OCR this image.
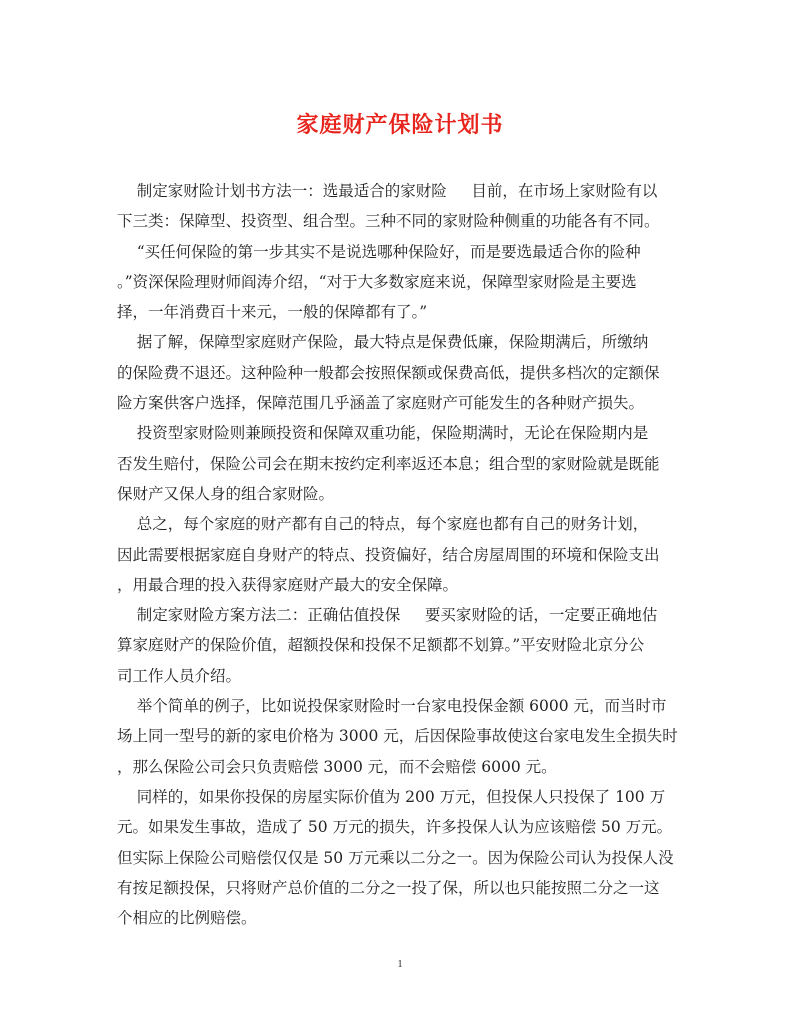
家庭财产保险计划书
制定家财险计划书方法一：选最适合的家财险     目前，在市场上家财险有以
下三类：保障型、投资型、组合型。三种不同的家财险种侧重的功能各有不同。
“买任何保险的第一步其实不是说选哪种保险好，而是要选最适合你的险种
。”资深保险理财师阎涛介绍，“对于大多数家庭来说，保障型家财险是主要选
择，一年消费百十来元，一般的保障都有了。”
据了解，保障型家庭财产保险，最大特点是保费低廉，保险期满后，所缴纳
的保险费不退还。这种险种一般都会按照保额或保费高低，提供多档次的定额保
险方案供客户选择，保障范围几乎涵盖了家庭财产可能发生的各种财产损失。
投资型家财险则兼顾投资和保障双重功能，保险期满时，无论在保险期内是
否发生赔付，保险公司会在期末按约定利率返还本息；组合型的家财险就是既能
保财产又保人身的组合家财险。
总之，每个家庭的财产都有自己的特点，每个家庭也都有自己的财务计划，
因此需要根据家庭自身财产的特点、投资偏好，结合房屋周围的环境和保险支出
，用最合理的投入获得家庭财产最大的安全保障。
制定家财险方案方法二：正确估值投保     要买家财险的话，一定要正确地估
算家庭财产的保险价值，超额投保和投保不足额都不划算。”平安财险北京分公
司工作人员介绍。
举个简单的例子，比如说投保家财险时一台家电投保金额 6000 元，而当时市
场上同一型号的新的家电价格为 3000 元，后因保险事故使这台家电发生全损失时
，那么保险公司会只负责赔偿 3000 元，而不会赔偿 6000 元。
同样的，如果你投保的房屋实际价值为 200 万元，但投保人只投保了 100 万
元。如果发生事故，造成了 50 万元的损失，许多投保人认为应该赔偿 50 万元。
但实际上保险公司赔偿仅仅是 50 万元乘以二分之一。因为保险公司认为投保人没
有按足额投保，只将财产总价值的二分之一投了保，所以也只能按照二分之一这
个相应的比例赔偿。
1
